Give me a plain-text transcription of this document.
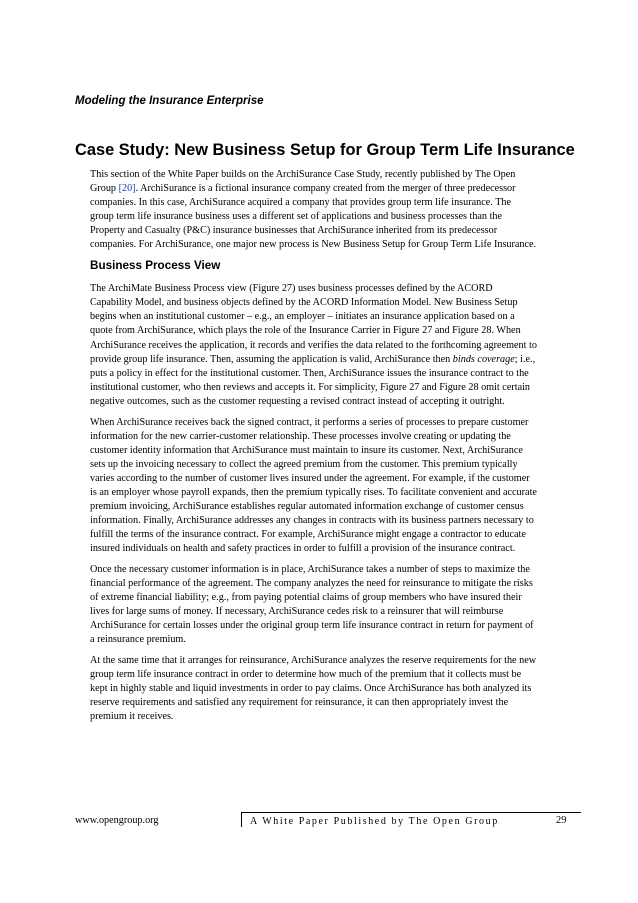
Modeling the Insurance Enterprise
Case Study: New Business Setup for Group Term Life Insurance

This section of the White Paper builds on the ArchiSurance Case Study, recently published by The Open
Group [20]. ArchiSurance is a fictional insurance company created from the merger of three predecessor
companies. In this case, ArchiSurance acquired a company that provides group term life insurance. The
group term life insurance business uses a different set of applications and business processes than the
Property and Casualty (P&C) insurance businesses that ArchiSurance inherited from its predecessor
companies. For ArchiSurance, one major new process is New Business Setup for Group Term Life Insurance.

Business Process View

The ArchiMate Business Process view (Figure 27) uses business processes defined by the ACORD
Capability Model, and business objects defined by the ACORD Information Model. New Business Setup
begins when an institutional customer – e.g., an employer – initiates an insurance application based on a
quote from ArchiSurance, which plays the role of the Insurance Carrier in Figure 27 and Figure 28. When
ArchiSurance receives the application, it records and verifies the data related to the forthcoming agreement to
provide group life insurance. Then, assuming the application is valid, ArchiSurance then binds coverage; i.e.,
puts a policy in effect for the institutional customer. Then, ArchiSurance issues the insurance contract to the
institutional customer, who then reviews and accepts it. For simplicity, Figure 27 and Figure 28 omit certain
negative outcomes, such as the customer requesting a revised contract instead of accepting it outright.

When ArchiSurance receives back the signed contract, it performs a series of processes to prepare customer
information for the new carrier-customer relationship. These processes involve creating or updating the
customer identity information that ArchiSurance must maintain to insure its customer. Next, ArchiSurance
sets up the invoicing necessary to collect the agreed premium from the customer. This premium typically
varies according to the number of customer lives insured under the agreement. For example, if the customer
is an employer whose payroll expands, then the premium typically rises. To facilitate convenient and accurate
premium invoicing, ArchiSurance establishes regular automated information exchange of customer census
information. Finally, ArchiSurance addresses any changes in contracts with its business partners necessary to
fulfill the terms of the insurance contract. For example, ArchiSurance might engage a contractor to educate
insured individuals on health and safety practices in order to fulfill a provision of the insurance contract.

Once the necessary customer information is in place, ArchiSurance takes a number of steps to maximize the
financial performance of the agreement. The company analyzes the need for reinsurance to mitigate the risks
of extreme financial liability; e.g., from paying potential claims of group members who have insured their
lives for large sums of money. If necessary, ArchiSurance cedes risk to a reinsurer that will reimburse
ArchiSurance for certain losses under the original group term life insurance contract in return for payment of
a reinsurance premium.

At the same time that it arranges for reinsurance, ArchiSurance analyzes the reserve requirements for the new
group term life insurance contract in order to determine how much of the premium that it collects must be
kept in highly stable and liquid investments in order to pay claims. Once ArchiSurance has both analyzed its
reserve requirements and satisfied any requirement for reinsurance, it can then appropriately invest the
premium it receives.

www.opengroup.org	A White Paper Published by The Open Group	29
